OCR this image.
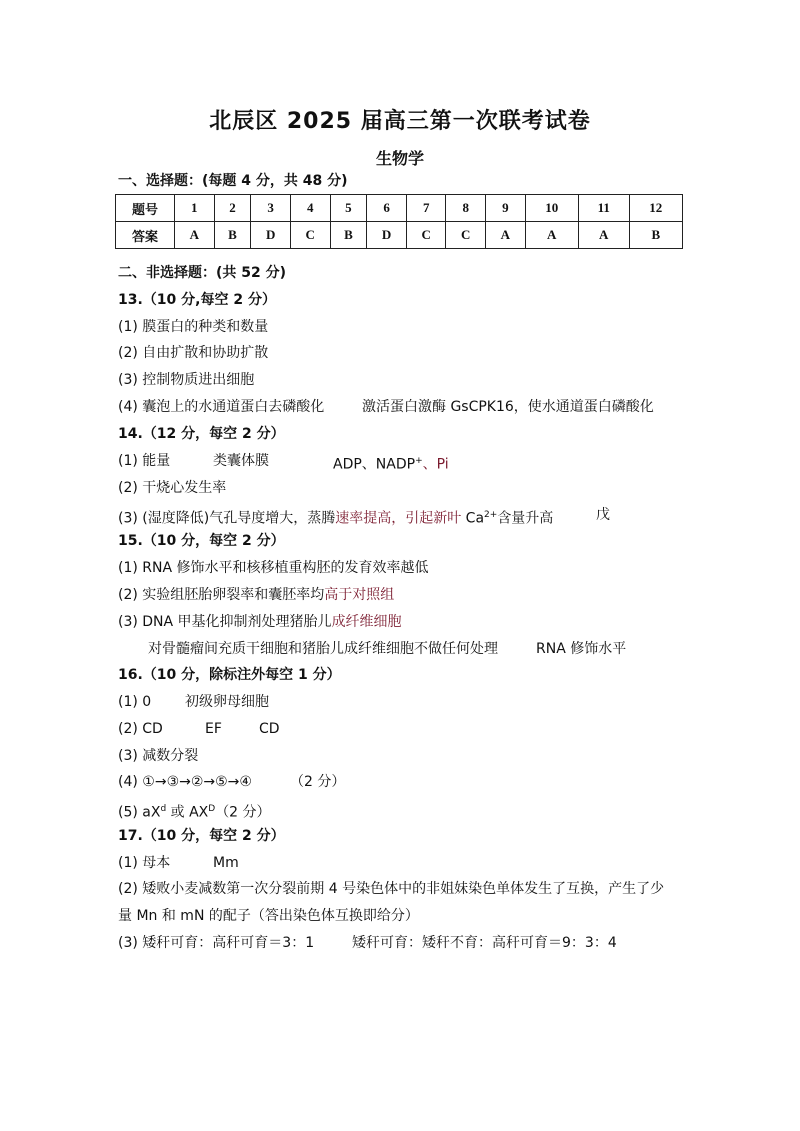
北辰区 2025 届高三第一次联考试卷
生物学
一、选择题：(每题 4 分，共 48 分)
题号	1	2	3	4	5	6	7	8	9	10	11	12
答案	A	B	D	C	B	D	C	C	A	A	A	B
二、非选择题：(共 52 分)
13.（10 分,每空 2 分）
(1) 膜蛋白的种类和数量
(2) 自由扩散和协助扩散
(3) 控制物质进出细胞
(4) 囊泡上的水通道蛋白去磷酸化	激活蛋白激酶 GsCPK16，使水通道蛋白磷酸化
14.（12 分，每空 2 分）
(1) 能量	类囊体膜	ADP、NADP+、Pi
(2) 干烧心发生率
(3) (湿度降低)气孔导度增大，蒸腾速率提高，引起新叶 $Ca^{2+}$含量升高	戊
15.（10 分，每空 2 分）
(1) RNA 修饰水平和核移植重构胚的发育效率越低
(2) 实验组胚胎卵裂率和囊胚率均高于对照组
(3) DNA 甲基化抑制剂处理猪胎儿成纤维细胞
对骨髓瘤间充质干细胞和猪胎儿成纤维细胞不做任何处理	RNA 修饰水平
16.（10 分，除标注外每空 1 分）
(1) 0 初级卵母细胞
(2) CD	EF	CD
(3) 减数分裂
(4) ①→③→②→⑤→④	（2 分）
(5) $aX^d$ 或 $AX^D(2$ 分）
17.（10 分，每空 2 分）
(1) 母本	Mm
(2) 矮败小麦减数第一次分裂前期 4 号染色体中的非姐妹染色单体发生了互换，产生了少
量 Mn 和 mN 的配子（答出染色体互换即给分）
(3) 矮秆可育：高秆可育＝3：1	矮秆可育：矮秆不育：高秆可育＝9：3：4
